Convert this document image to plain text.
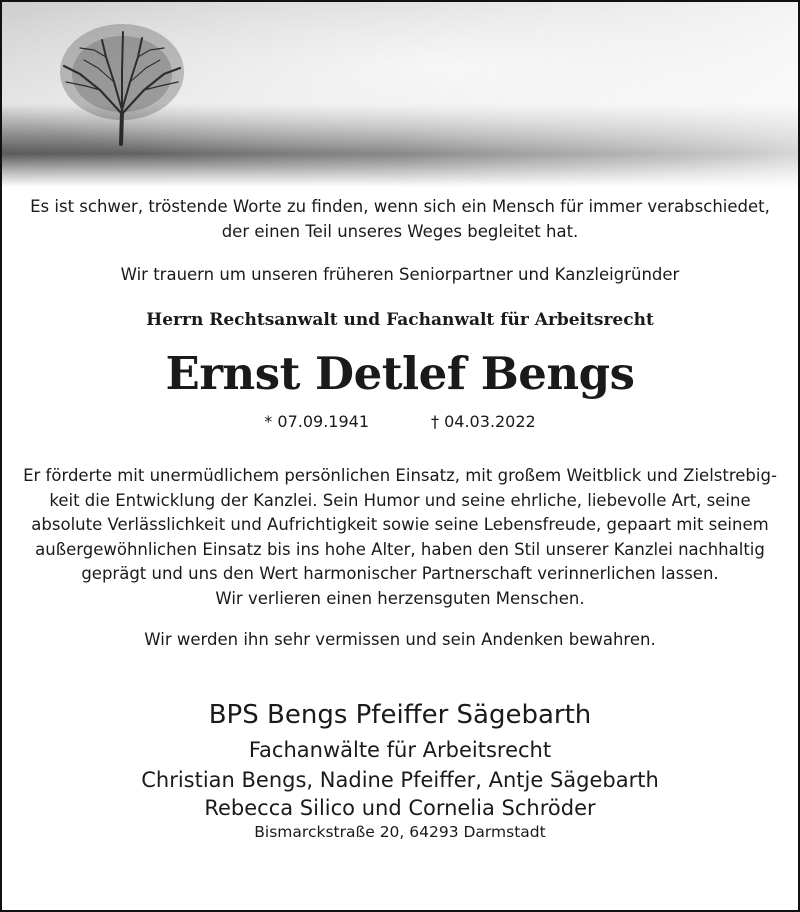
Es ist schwer, tröstende Worte zu finden, wenn sich ein Mensch für immer verabschiedet,
der einen Teil unseres Weges begleitet hat.
Wir trauern um unseren früheren Seniorpartner und Kanzleigründer
Herrn Rechtsanwalt und Fachanwalt für Arbeitsrecht
Ernst Detlef Bengs
* 07.09.1941	† 04.03.2022
Er förderte mit unermüdlichem persönlichen Einsatz, mit großem Weitblick und Zielstrebig-
keit die Entwicklung der Kanzlei. Sein Humor und seine ehrliche, liebevolle Art, seine
absolute Verlässlichkeit und Aufrichtigkeit sowie seine Lebensfreude, gepaart mit seinem
außergewöhnlichen Einsatz bis ins hohe Alter, haben den Stil unserer Kanzlei nachhaltig
geprägt und uns den Wert harmonischer Partnerschaft verinnerlichen lassen.
Wir verlieren einen herzensguten Menschen.
Wir werden ihn sehr vermissen und sein Andenken bewahren.
BPS Bengs Pfeiffer Sägebarth
Fachanwälte für Arbeitsrecht
Christian Bengs, Nadine Pfeiffer, Antje Sägebarth
Rebecca Silico und Cornelia Schröder
Bismarckstraße 20, 64293 Darmstadt
